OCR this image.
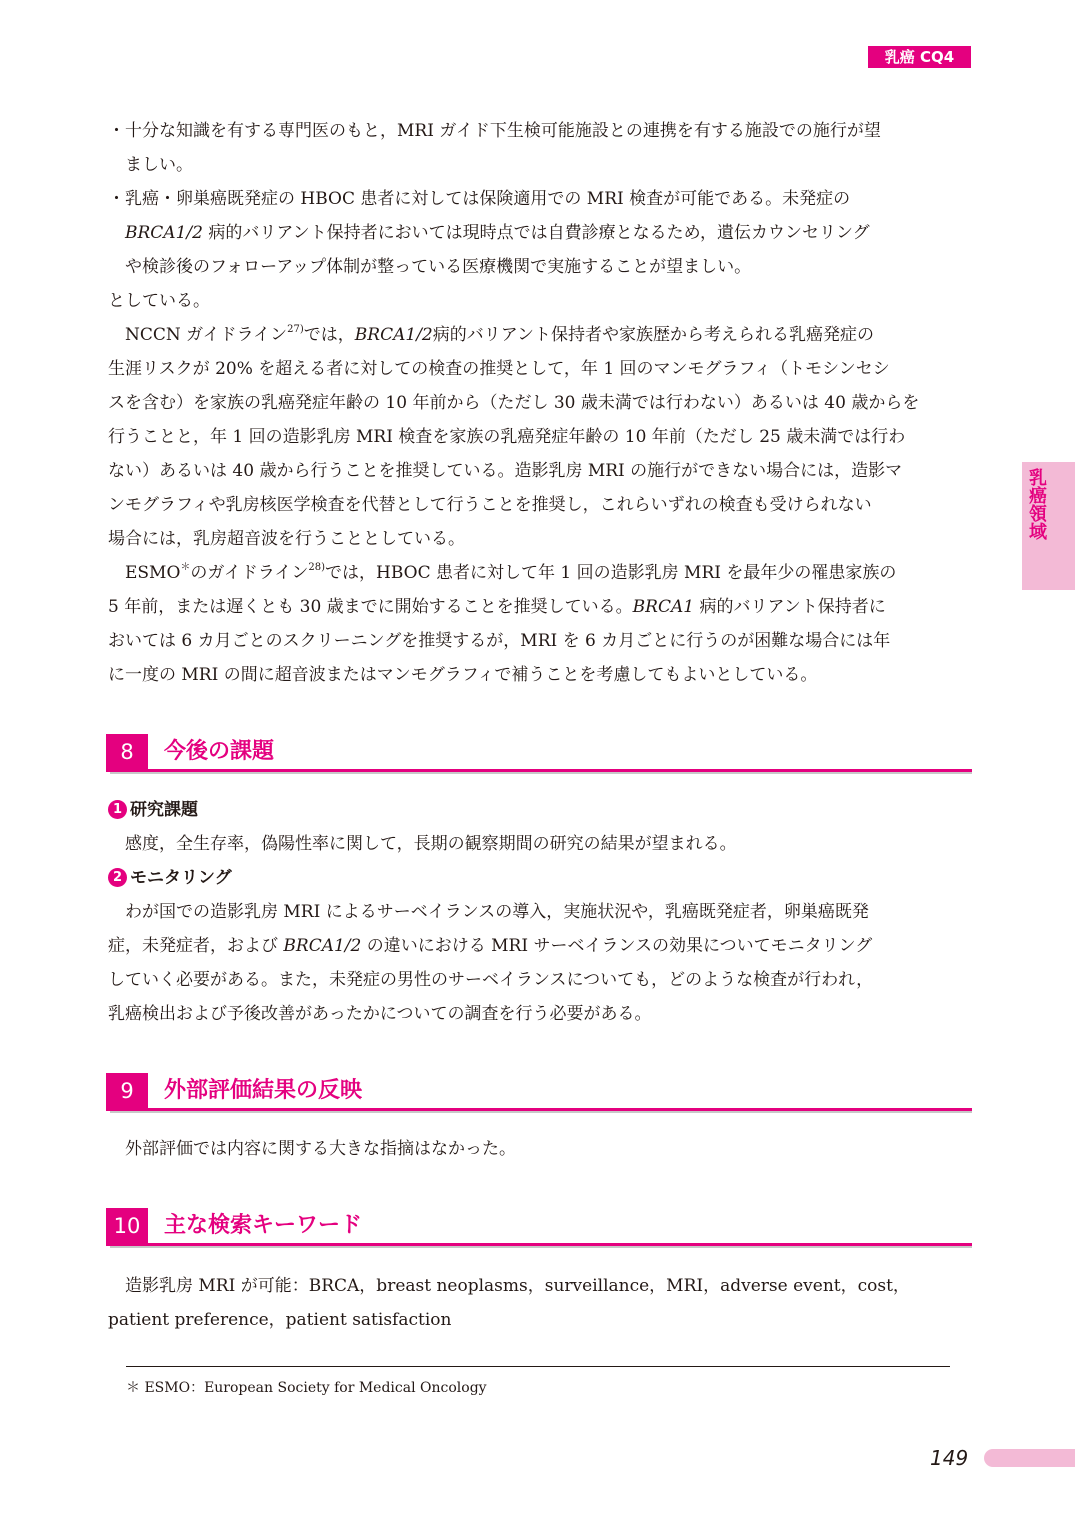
乳癌 CQ4
乳癌領域
・十分な知識を有する専門医のもと，MRI ガイド下生検可能施設との連携を有する施設での施行が望
ましい。
・乳癌・卵巣癌既発症の HBOC 患者に対しては保険適用での MRI 検査が可能である。未発症の
BRCA1/2 病的バリアント保持者においては現時点では自費診療となるため，遺伝カウンセリング
や検診後のフォローアップ体制が整っている医療機関で実施することが望ましい。
としている。
NCCN ガイドライン$^{27)}$では，BRCA1/2病的バリアント保持者や家族歴から考えられる乳癌発症の
生涯リスクが 20% を超える者に対しての検査の推奨として，年 1 回のマンモグラフィ（トモシンセシ
スを含む）を家族の乳癌発症年齢の 10 年前から（ただし 30 歳未満では行わない）あるいは 40 歳からを
行うことと，年 1 回の造影乳房 MRI 検査を家族の乳癌発症年齢の 10 年前（ただし 25 歳未満では行わ
ない）あるいは 40 歳から行うことを推奨している。造影乳房 MRI の施行ができない場合には，造影マ
ンモグラフィや乳房核医学検査を代替として行うことを推奨し，これらいずれの検査も受けられない
場合には，乳房超音波を行うこととしている。
ESMO＊のガイドライン$^{28)}$では，HBOC 患者に対して年 1 回の造影乳房 MRI を最年少の罹患家族の
5 年前，または遅くとも 30 歳までに開始することを推奨している。BRCA1 病的バリアント保持者に
おいては 6 カ月ごとのスクリーニングを推奨するが，MRI を 6 カ月ごとに行うのが困難な場合には年
に一度の MRI の間に超音波またはマンモグラフィで補うことを考慮してもよいとしている。
8	今後の課題
1 研究課題
感度，全生存率，偽陽性率に関して，長期の観察期間の研究の結果が望まれる。
2 モニタリング
わが国での造影乳房 MRI によるサーベイランスの導入，実施状況や，乳癌既発症者，卵巣癌既発
症，未発症者，および BRCA1/2 の違いにおける MRI サーベイランスの効果についてモニタリング
していく必要がある。また，未発症の男性のサーベイランスについても，どのような検査が行われ，
乳癌検出および予後改善があったかについての調査を行う必要がある。
9	外部評価結果の反映
外部評価では内容に関する大きな指摘はなかった。
10	主な検索キーワード
造影乳房 MRI が可能：BRCA，breast neoplasms，surveillance，MRI，adverse event，cost，
patient preference，patient satisfaction
＊ ESMO：European Society for Medical Oncology
149
